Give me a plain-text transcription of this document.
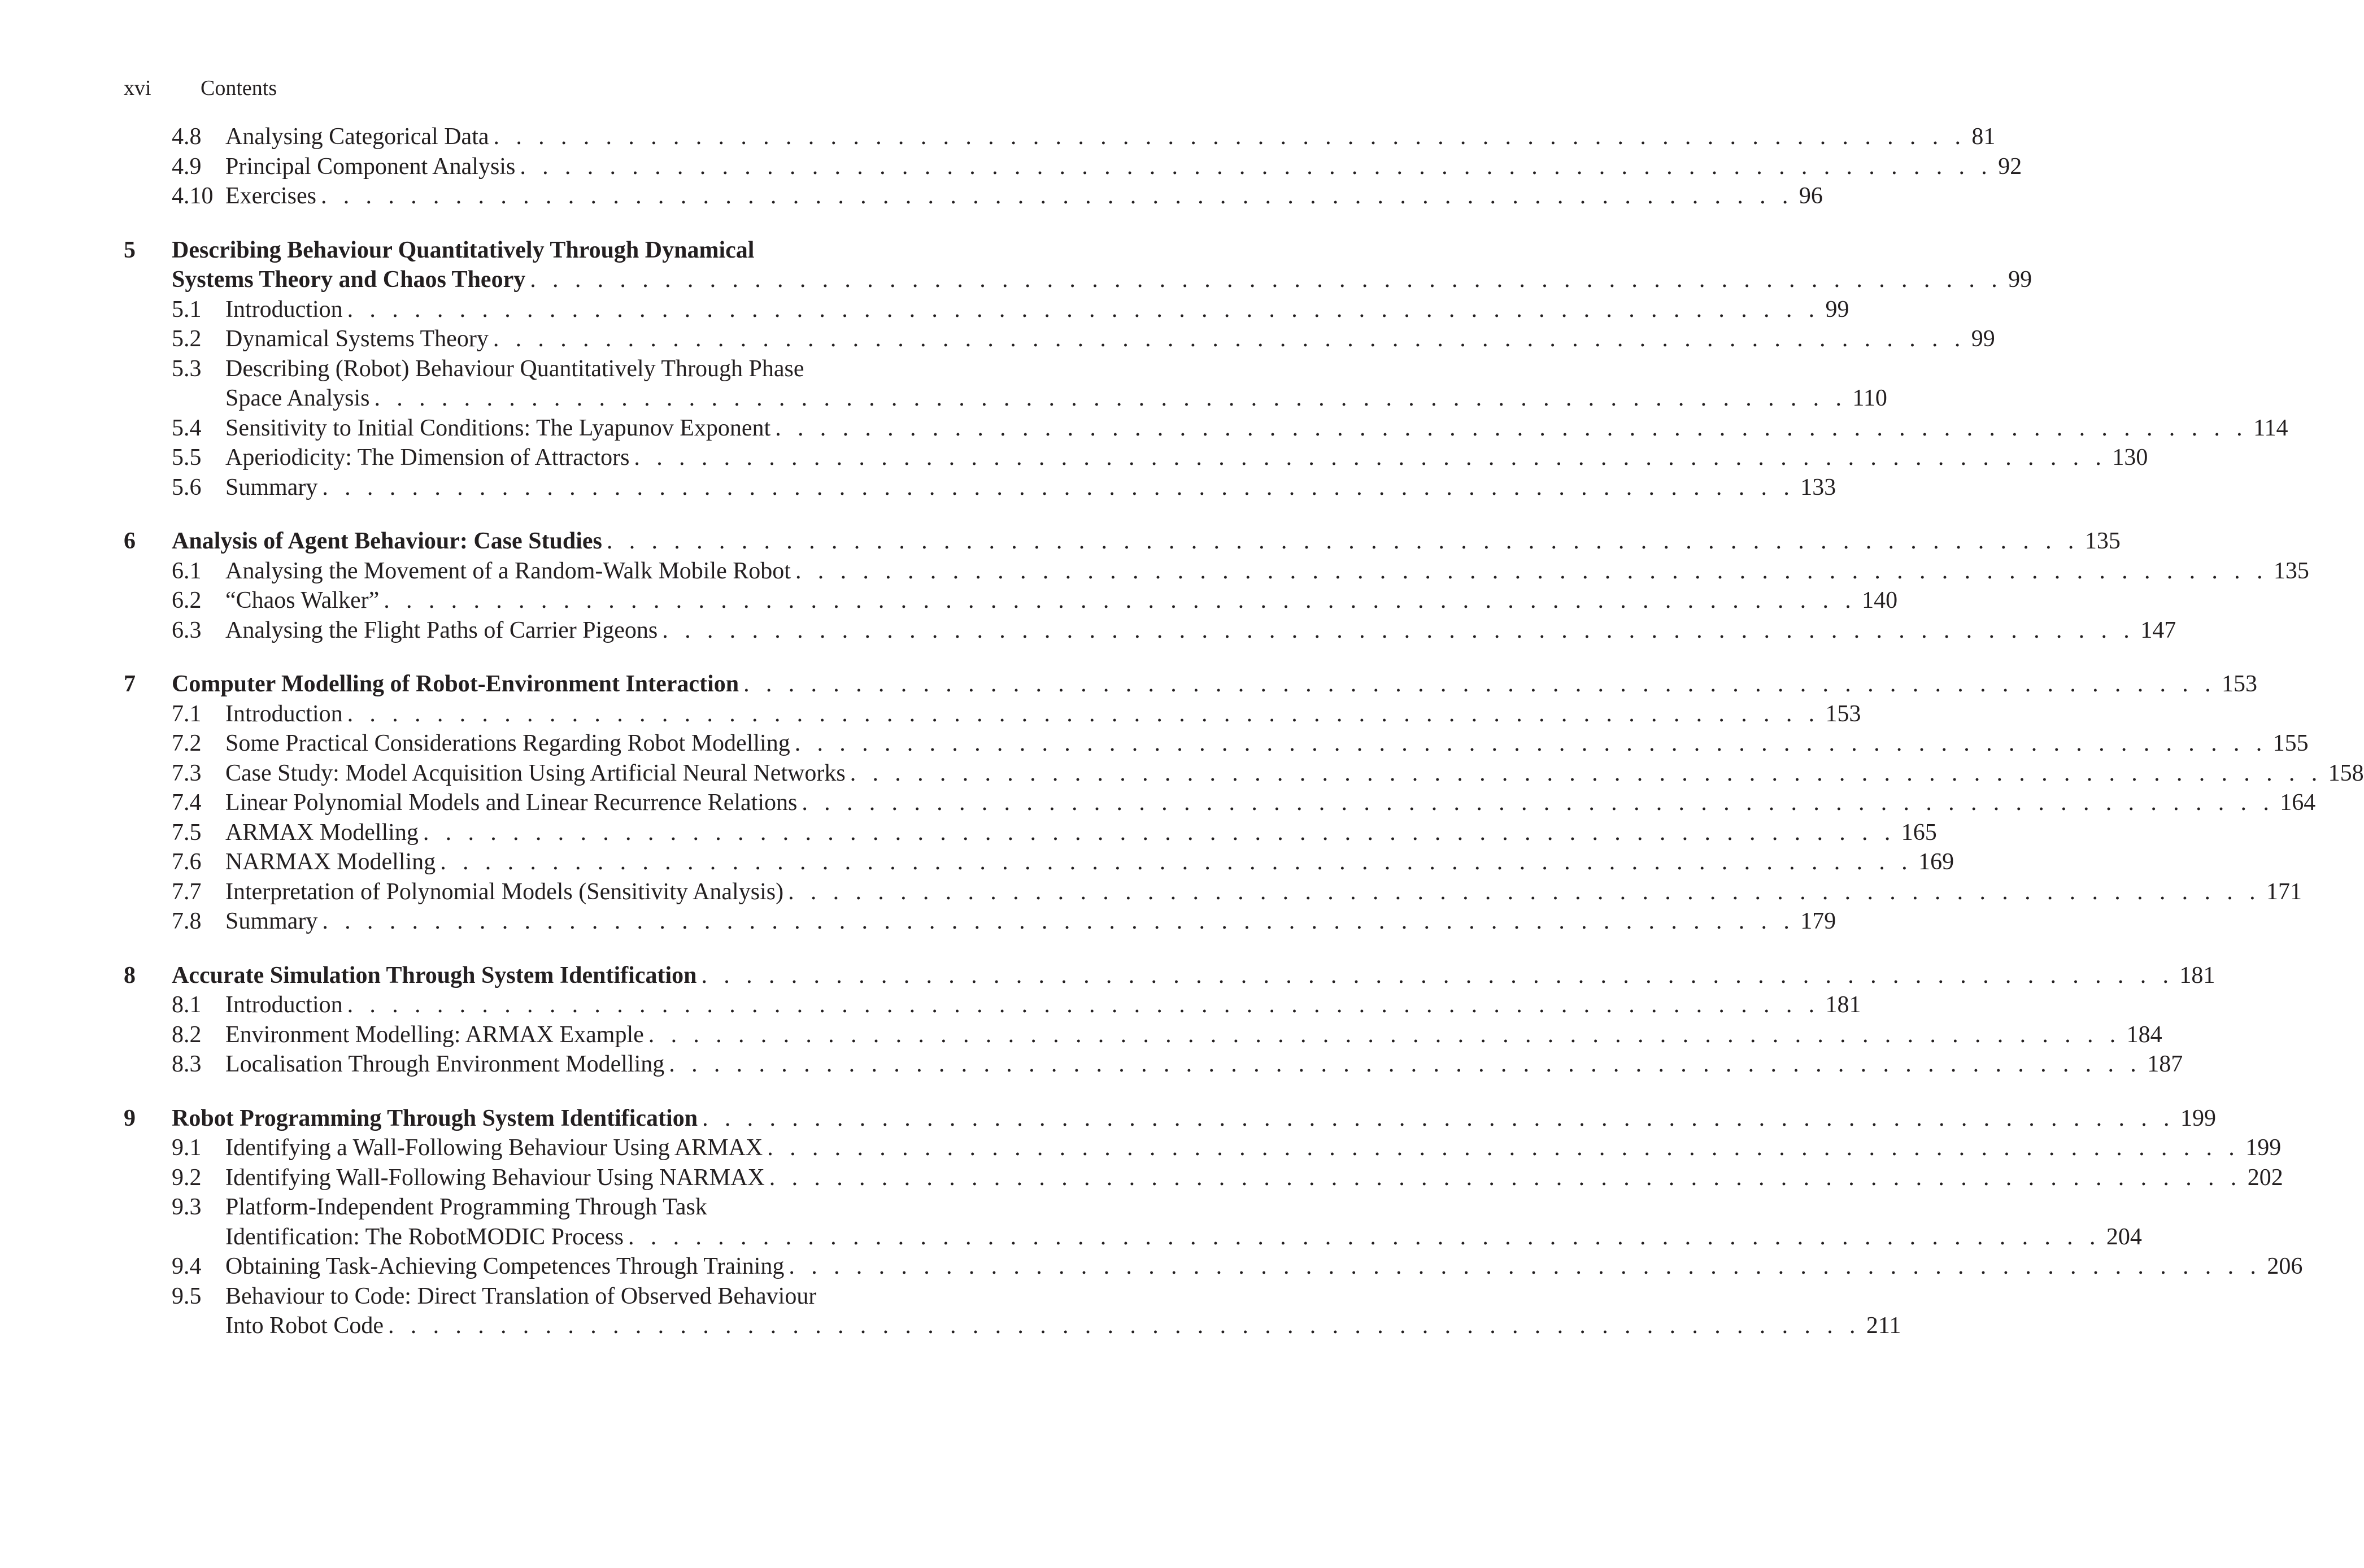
xvi Contents
4.8 Analysing Categorical Data . . . . . . . . . . . . . . . . . . . . . . . . . . . . . . . . . . . . . . . . . . . . . . . . . . . . . . . . . . . . . . . . . . 81
4.9 Principal Component Analysis . . . . . . . . . . . . . . . . . . . . . . . . . . . . . . . . . . . . . . . . . . . . . . . . . . . . . . . . . . . . . . . . . . 92
4.10 Exercises . . . . . . . . . . . . . . . . . . . . . . . . . . . . . . . . . . . . . . . . . . . . . . . . . . . . . . . . . . . . . . . . . . 96
5 Describing Behaviour Quantitatively Through Dynamical
Systems Theory and Chaos Theory . . . . . . . . . . . . . . . . . . . . . . . . . . . . . . . . . . . . . . . . . . . . . . . . . . . . . . . . . . . . . . . . . . 99
5.1 Introduction . . . . . . . . . . . . . . . . . . . . . . . . . . . . . . . . . . . . . . . . . . . . . . . . . . . . . . . . . . . . . . . . . . 99
5.2 Dynamical Systems Theory . . . . . . . . . . . . . . . . . . . . . . . . . . . . . . . . . . . . . . . . . . . . . . . . . . . . . . . . . . . . . . . . . . 99
5.3 Describing (Robot) Behaviour Quantitatively Through Phase
Space Analysis . . . . . . . . . . . . . . . . . . . . . . . . . . . . . . . . . . . . . . . . . . . . . . . . . . . . . . . . . . . . . . . . . . 110
5.4 Sensitivity to Initial Conditions: The Lyapunov Exponent . . . . . . . . . . . . . . . . . . . . . . . . . . . . . . . . . . . . . . . . . . . . . . . . . . . . . . . . . . . . . . . . . . 114
5.5 Aperiodicity: The Dimension of Attractors . . . . . . . . . . . . . . . . . . . . . . . . . . . . . . . . . . . . . . . . . . . . . . . . . . . . . . . . . . . . . . . . . . 130
5.6 Summary . . . . . . . . . . . . . . . . . . . . . . . . . . . . . . . . . . . . . . . . . . . . . . . . . . . . . . . . . . . . . . . . . . 133
6 Analysis of Agent Behaviour: Case Studies . . . . . . . . . . . . . . . . . . . . . . . . . . . . . . . . . . . . . . . . . . . . . . . . . . . . . . . . . . . . . . . . . . 135
6.1 Analysing the Movement of a Random-Walk Mobile Robot . . . . . . . . . . . . . . . . . . . . . . . . . . . . . . . . . . . . . . . . . . . . . . . . . . . . . . . . . . . . . . . . . . 135
6.2 “Chaos Walker” . . . . . . . . . . . . . . . . . . . . . . . . . . . . . . . . . . . . . . . . . . . . . . . . . . . . . . . . . . . . . . . . . . 140
6.3 Analysing the Flight Paths of Carrier Pigeons . . . . . . . . . . . . . . . . . . . . . . . . . . . . . . . . . . . . . . . . . . . . . . . . . . . . . . . . . . . . . . . . . . 147
7 Computer Modelling of Robot-Environment Interaction . . . . . . . . . . . . . . . . . . . . . . . . . . . . . . . . . . . . . . . . . . . . . . . . . . . . . . . . . . . . . . . . . . 153
7.1 Introduction . . . . . . . . . . . . . . . . . . . . . . . . . . . . . . . . . . . . . . . . . . . . . . . . . . . . . . . . . . . . . . . . . . 153
7.2 Some Practical Considerations Regarding Robot Modelling . . . . . . . . . . . . . . . . . . . . . . . . . . . . . . . . . . . . . . . . . . . . . . . . . . . . . . . . . . . . . . . . . . 155
7.3 Case Study: Model Acquisition Using Artificial Neural Networks . . . . . . . . . . . . . . . . . . . . . . . . . . . . . . . . . . . . . . . . . . . . . . . . . . . . . . . . . . . . . . . . . . 158
7.4 Linear Polynomial Models and Linear Recurrence Relations . . . . . . . . . . . . . . . . . . . . . . . . . . . . . . . . . . . . . . . . . . . . . . . . . . . . . . . . . . . . . . . . . . 164
7.5 ARMAX Modelling . . . . . . . . . . . . . . . . . . . . . . . . . . . . . . . . . . . . . . . . . . . . . . . . . . . . . . . . . . . . . . . . . . 165
7.6 NARMAX Modelling . . . . . . . . . . . . . . . . . . . . . . . . . . . . . . . . . . . . . . . . . . . . . . . . . . . . . . . . . . . . . . . . . . 169
7.7 Interpretation of Polynomial Models (Sensitivity Analysis) . . . . . . . . . . . . . . . . . . . . . . . . . . . . . . . . . . . . . . . . . . . . . . . . . . . . . . . . . . . . . . . . . . 171
7.8 Summary . . . . . . . . . . . . . . . . . . . . . . . . . . . . . . . . . . . . . . . . . . . . . . . . . . . . . . . . . . . . . . . . . . 179
8 Accurate Simulation Through System Identification . . . . . . . . . . . . . . . . . . . . . . . . . . . . . . . . . . . . . . . . . . . . . . . . . . . . . . . . . . . . . . . . . . 181
8.1 Introduction . . . . . . . . . . . . . . . . . . . . . . . . . . . . . . . . . . . . . . . . . . . . . . . . . . . . . . . . . . . . . . . . . . 181
8.2 Environment Modelling: ARMAX Example . . . . . . . . . . . . . . . . . . . . . . . . . . . . . . . . . . . . . . . . . . . . . . . . . . . . . . . . . . . . . . . . . . 184
8.3 Localisation Through Environment Modelling . . . . . . . . . . . . . . . . . . . . . . . . . . . . . . . . . . . . . . . . . . . . . . . . . . . . . . . . . . . . . . . . . . 187
9 Robot Programming Through System Identification . . . . . . . . . . . . . . . . . . . . . . . . . . . . . . . . . . . . . . . . . . . . . . . . . . . . . . . . . . . . . . . . . . 199
9.1 Identifying a Wall-Following Behaviour Using ARMAX . . . . . . . . . . . . . . . . . . . . . . . . . . . . . . . . . . . . . . . . . . . . . . . . . . . . . . . . . . . . . . . . . . 199
9.2 Identifying Wall-Following Behaviour Using NARMAX . . . . . . . . . . . . . . . . . . . . . . . . . . . . . . . . . . . . . . . . . . . . . . . . . . . . . . . . . . . . . . . . . . 202
9.3 Platform-Independent Programming Through Task
Identification: The RobotMODIC Process . . . . . . . . . . . . . . . . . . . . . . . . . . . . . . . . . . . . . . . . . . . . . . . . . . . . . . . . . . . . . . . . . . 204
9.4 Obtaining Task-Achieving Competences Through Training . . . . . . . . . . . . . . . . . . . . . . . . . . . . . . . . . . . . . . . . . . . . . . . . . . . . . . . . . . . . . . . . . . 206
9.5 Behaviour to Code: Direct Translation of Observed Behaviour
Into Robot Code . . . . . . . . . . . . . . . . . . . . . . . . . . . . . . . . . . . . . . . . . . . . . . . . . . . . . . . . . . . . . . . . . . 211
